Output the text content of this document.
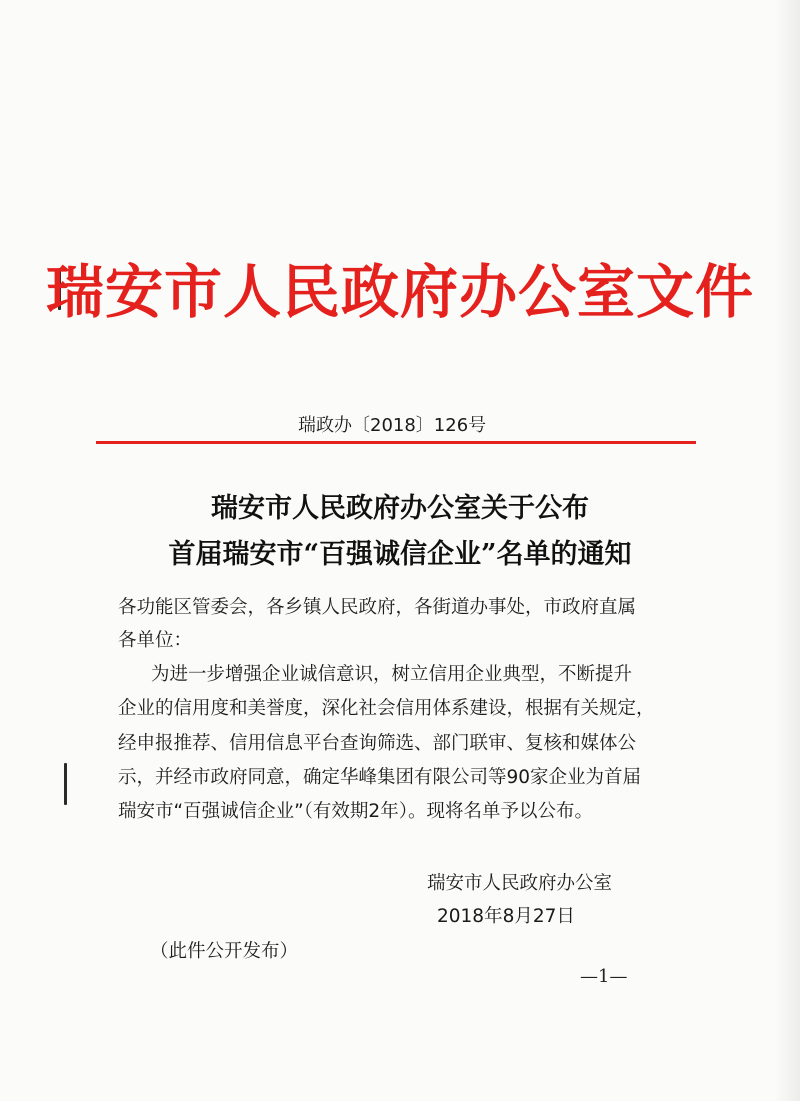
瑞安市人民政府办公室文件
瑞政办〔2018〕126号
瑞安市人民政府办公室关于公布
首届瑞安市“百强诚信企业”名单的通知
各功能区管委会，各乡镇人民政府，各街道办事处，市政府直属
各单位：
为进一步增强企业诚信意识，树立信用企业典型，不断提升
企业的信用度和美誉度，深化社会信用体系建设，根据有关规定，
经申报推荐、信用信息平台查询筛选、部门联审、复核和媒体公
示，并经市政府同意，确定华峰集团有限公司等90家企业为首届
瑞安市“百强诚信企业”（有效期2年）。现将名单予以公布。
瑞安市人民政府办公室
2018年8月27日
（此件公开发布）
—1—
